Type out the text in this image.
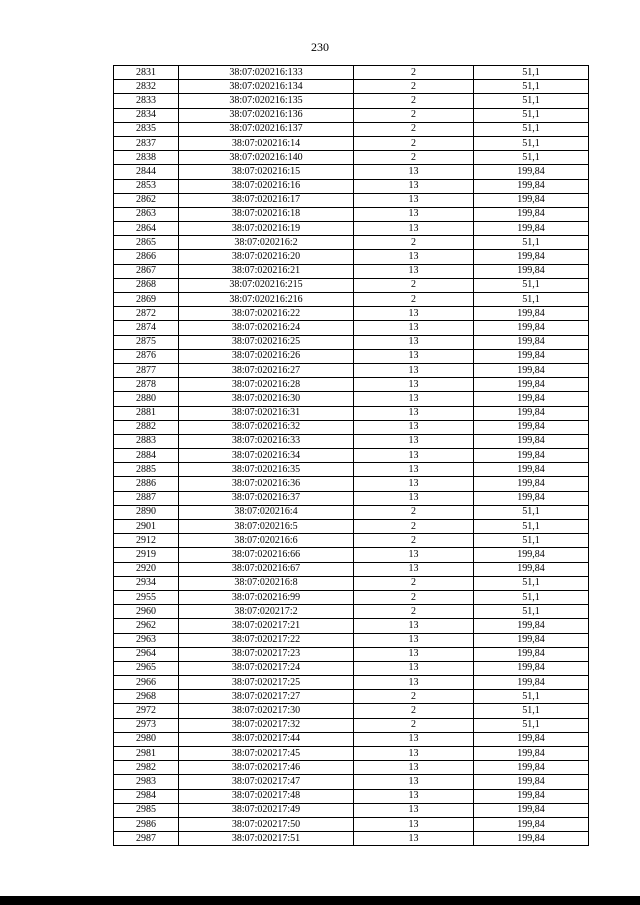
230
2831	38:07:020216:133	2	51,1
2832	38:07:020216:134	2	51,1
2833	38:07:020216:135	2	51,1
2834	38:07:020216:136	2	51,1
2835	38:07:020216:137	2	51,1
2837	38:07:020216:14	2	51,1
2838	38:07:020216:140	2	51,1
2844	38:07:020216:15	13	199,84
2853	38:07:020216:16	13	199,84
2862	38:07:020216:17	13	199,84
2863	38:07:020216:18	13	199,84
2864	38:07:020216:19	13	199,84
2865	38:07:020216:2	2	51,1
2866	38:07:020216:20	13	199,84
2867	38:07:020216:21	13	199,84
2868	38:07:020216:215	2	51,1
2869	38:07:020216:216	2	51,1
2872	38:07:020216:22	13	199,84
2874	38:07:020216:24	13	199,84
2875	38:07:020216:25	13	199,84
2876	38:07:020216:26	13	199,84
2877	38:07:020216:27	13	199,84
2878	38:07:020216:28	13	199,84
2880	38:07:020216:30	13	199,84
2881	38:07:020216:31	13	199,84
2882	38:07:020216:32	13	199,84
2883	38:07:020216:33	13	199,84
2884	38:07:020216:34	13	199,84
2885	38:07:020216:35	13	199,84
2886	38:07:020216:36	13	199,84
2887	38:07:020216:37	13	199,84
2890	38:07:020216:4	2	51,1
2901	38:07:020216:5	2	51,1
2912	38:07:020216:6	2	51,1
2919	38:07:020216:66	13	199,84
2920	38:07:020216:67	13	199,84
2934	38:07:020216:8	2	51,1
2955	38:07:020216:99	2	51,1
2960	38:07:020217:2	2	51,1
2962	38:07:020217:21	13	199,84
2963	38:07:020217:22	13	199,84
2964	38:07:020217:23	13	199,84
2965	38:07:020217:24	13	199,84
2966	38:07:020217:25	13	199,84
2968	38:07:020217:27	2	51,1
2972	38:07:020217:30	2	51,1
2973	38:07:020217:32	2	51,1
2980	38:07:020217:44	13	199,84
2981	38:07:020217:45	13	199,84
2982	38:07:020217:46	13	199,84
2983	38:07:020217:47	13	199,84
2984	38:07:020217:48	13	199,84
2985	38:07:020217:49	13	199,84
2986	38:07:020217:50	13	199,84
2987	38:07:020217:51	13	199,84
